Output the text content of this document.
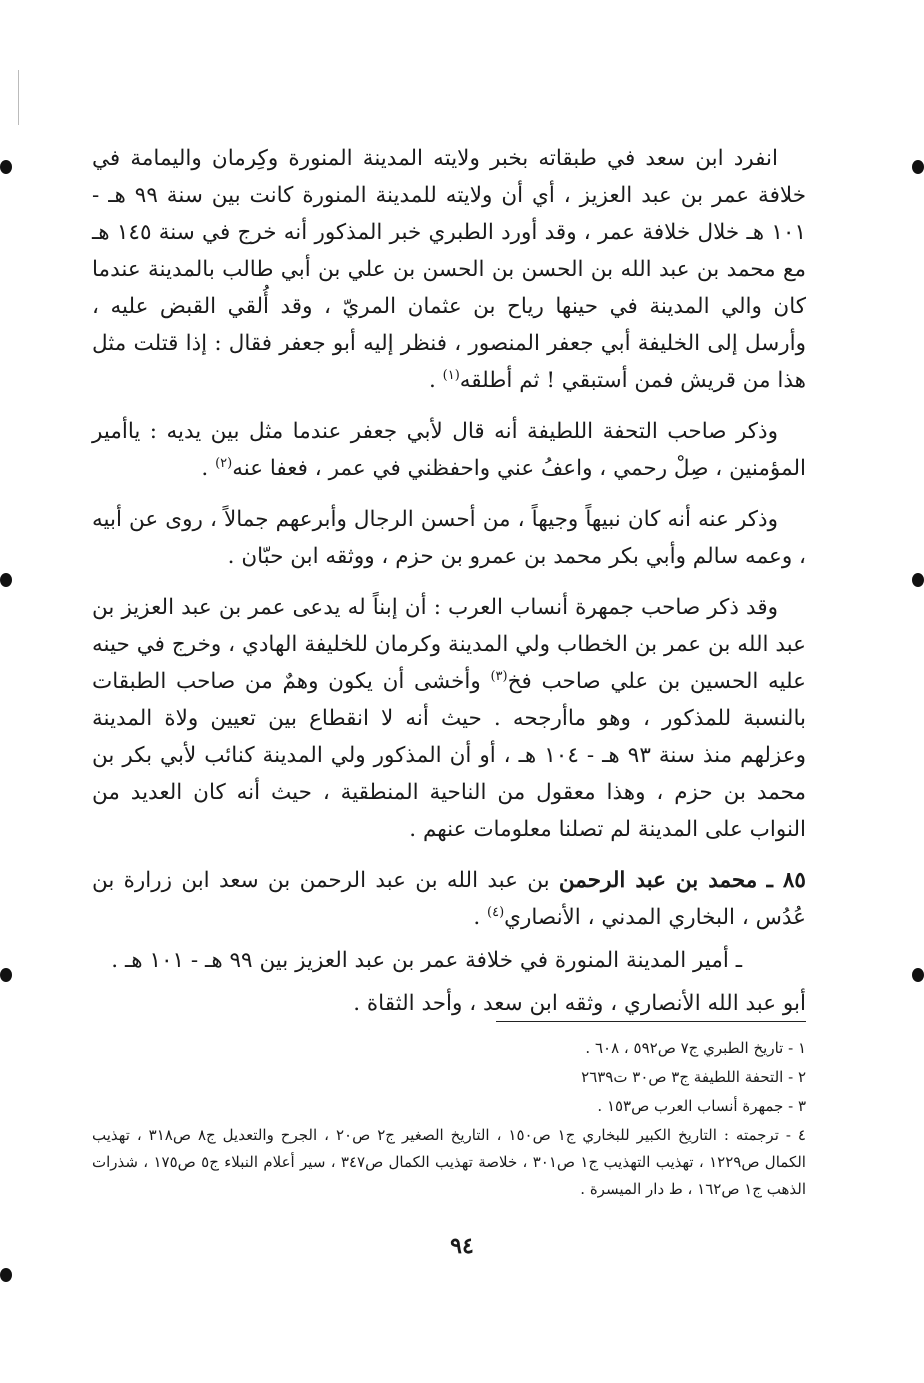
انفرد ابن سعد في طبقاته بخبر ولايته المدينة المنورة وكِرمان واليمامة في خلافة عمر بن عبد العزيز ، أي أن ولايته للمدينة المنورة كانت بين سنة ٩٩ هـ - ١٠١ هـ خلال خلافة عمر ، وقد أورد الطبري خبر المذكور أنه خرج في سنة ١٤٥ هـ مع محمد بن عبد الله بن الحسن بن الحسن بن علي بن أبي طالب بالمدينة عندما كان والي المدينة في حينها رياح بن عثمان المريّ ، وقد أُلقي القبض عليه ، وأرسل إلى الخليفة أبي جعفر المنصور ، فنظر إليه أبو جعفر فقال : إذا قتلت مثل هذا من قريش فمن أستبقي ! ثم أطلقه$^{(١)}$ .

وذكر صاحب التحفة اللطيفة أنه قال لأبي جعفر عندما مثل بين يديه : ياأمير المؤمنين ، صِلْ رحمي ، واعفُ عني واحفظني في عمر ، فعفا عنه$^{(٢)}$ .

وذكر عنه أنه كان نبيهاً وجيهاً ، من أحسن الرجال وأبرعهم جمالاً ، روى عن أبيه ، وعمه سالم وأبي بكر محمد بن عمرو بن حزم ، ووثقه ابن حبّان .

وقد ذكر صاحب جمهرة أنساب العرب : أن إبناً له يدعى عمر بن عبد العزيز بن عبد الله بن عمر بن الخطاب ولي المدينة وكرمان للخليفة الهادي ، وخرج في حينه عليه الحسين بن علي صاحب فخ$^{(٣)}$ وأخشى أن يكون وهمٌ من صاحب الطبقات بالنسبة للمذكور ، وهو ماأرجحه . حيث أنه لا انقطاع بين تعيين ولاة المدينة وعزلهم منذ سنة ٩٣ هـ - ١٠٤ هـ ، أو أن المذكور ولي المدينة كنائب لأبي بكر بن محمد بن حزم ، وهذا معقول من الناحية المنطقية ، حيث أنه كان العديد من النواب على المدينة لم تصلنا معلومات عنهم .

٨٥ ـ محمد بن عبد الرحمن بن عبد الله بن عبد الرحمن بن سعد ابن زرارة بن عُدُس ، البخاري المدني ، الأنصاري$^{(٤)}$ .

ـ أمير المدينة المنورة في خلافة عمر بن عبد العزيز بين ٩٩ هـ - ١٠١ هـ .

أبو عبد الله الأنصاري ، وثقه ابن سعد ، وأحد الثقاة .

١ - تاريخ الطبري ج٧ ص٥٩٢ ، ٦٠٨ .
٢ - التحفة اللطيفة ج٣ ص٣٠ ت٢٦٣٩
٣ - جمهرة أنساب العرب ص١٥٣ .
٤ - ترجمته : التاريخ الكبير للبخاري ج١ ص١٥٠ ، التاريخ الصغير ج٢ ص٢٠ ، الجرح والتعديل ج٨ ص٣١٨ ، تهذيب الكمال ص١٢٢٩ ، تهذيب التهذيب ج١ ص٣٠١ ، خلاصة تهذيب الكمال ص٣٤٧ ، سير أعلام النبلاء ج٥ ص١٧٥ ، شذرات الذهب ج١ ص١٦٢ ، ط دار الميسرة .
٩٤
